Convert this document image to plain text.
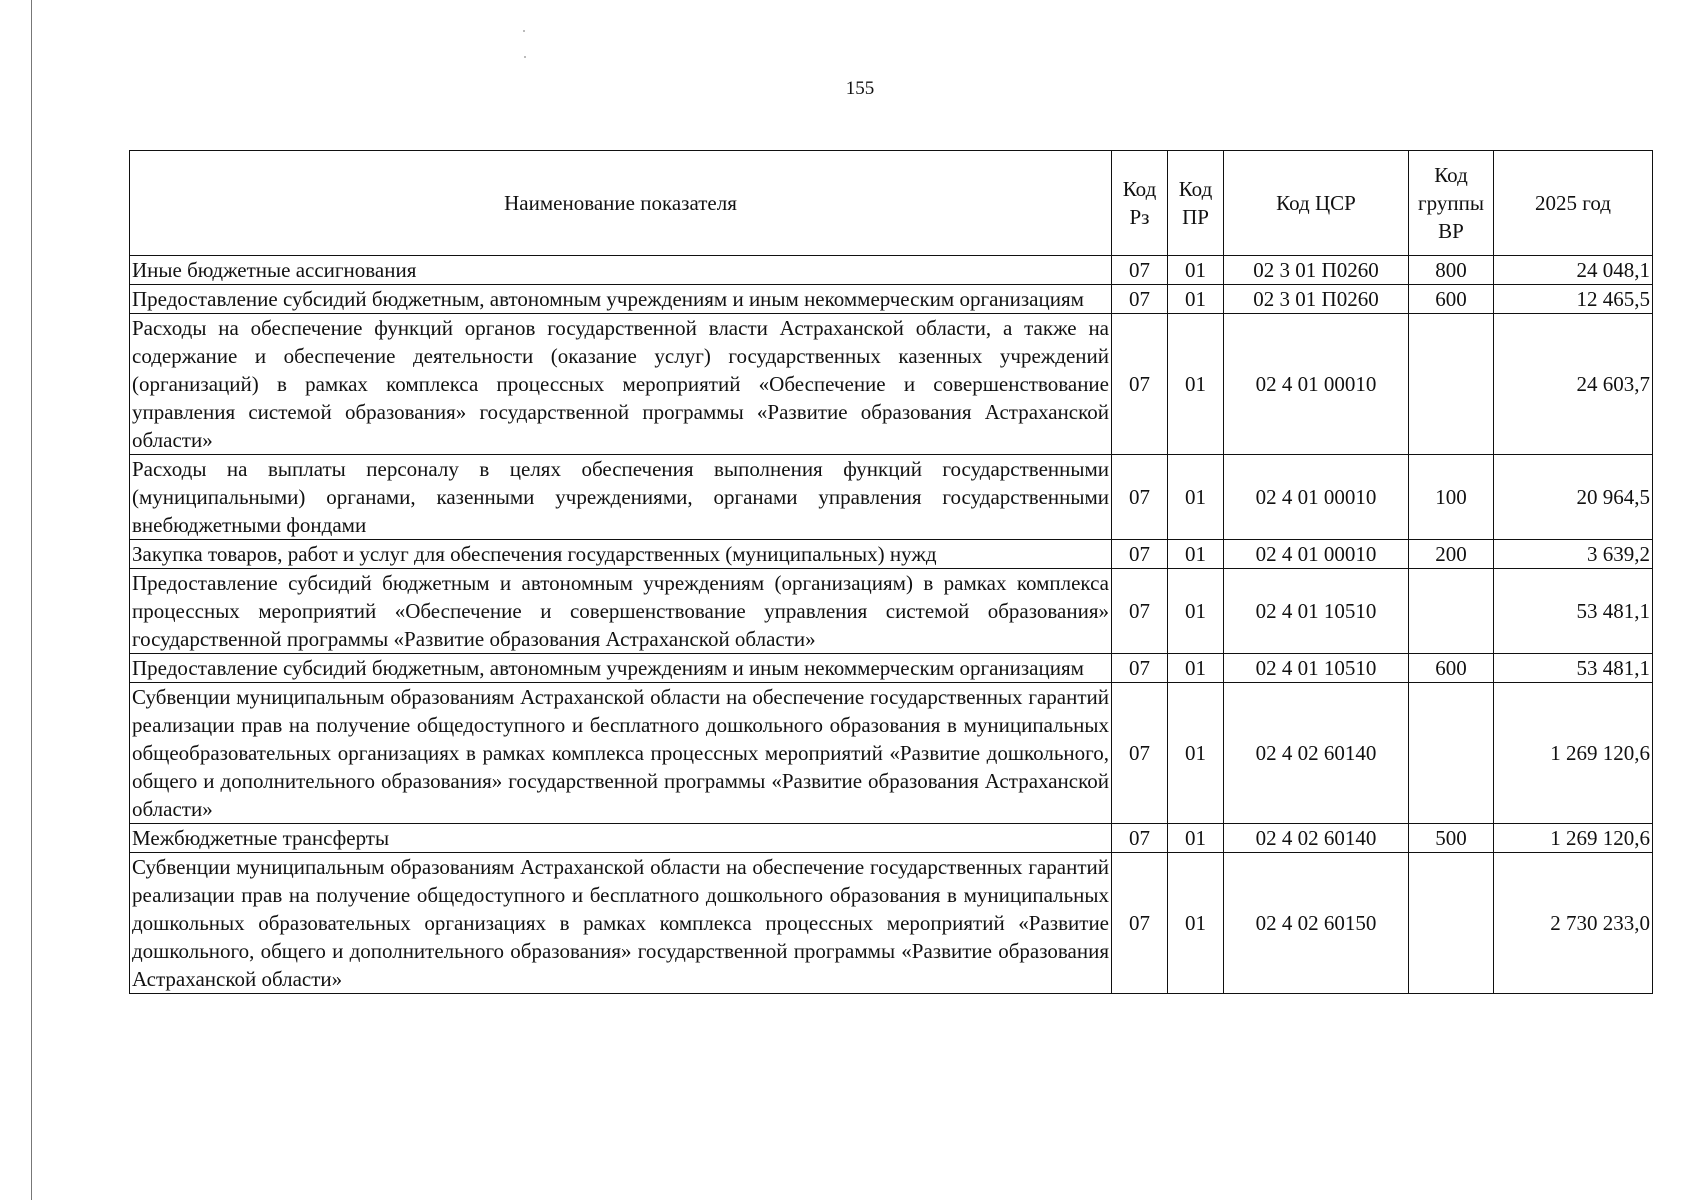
155
Наименование показателя	Код Рз	Код ПР	Код ЦСР	Код группы ВР	2025 год
Иные бюджетные ассигнования	07	01	02 3 01 П0260	800	24 048,1
Предоставление субсидий бюджетным, автономным учреждениям и иным некоммерческим организациям	07	01	02 3 01 П0260	600	12 465,5
Расходы на обеспечение функций органов государственной власти Астраханской области, а также на содержание и обеспечение деятельности (оказание услуг) государственных казенных учреждений (организаций) в рамках комплекса процессных мероприятий «Обеспечение и совершенствование управления системой образования» государственной программы «Развитие образования Астраханской области»	07	01	02 4 01 00010		24 603,7
Расходы на выплаты персоналу в целях обеспечения выполнения функций государственными (муниципальными) органами, казенными учреждениями, органами управления государственными внебюджетными фондами	07	01	02 4 01 00010	100	20 964,5
Закупка товаров, работ и услуг для обеспечения государственных (муниципальных) нужд	07	01	02 4 01 00010	200	3 639,2
Предоставление субсидий бюджетным и автономным учреждениям (организациям) в рамках комплекса процессных мероприятий «Обеспечение и совершенствование управления системой образования» государственной программы «Развитие образования Астраханской области»	07	01	02 4 01 10510		53 481,1
Предоставление субсидий бюджетным, автономным учреждениям и иным некоммерческим организациям	07	01	02 4 01 10510	600	53 481,1
Субвенции муниципальным образованиям Астраханской области на обеспечение государственных гарантий реализации прав на получение общедоступного и бесплатного дошкольного образования в муниципальных общеобразовательных организациях в рамках комплекса процессных мероприятий «Развитие дошкольного, общего и дополнительного образования» государственной программы «Развитие образования Астраханской области»	07	01	02 4 02 60140		1 269 120,6
Межбюджетные трансферты	07	01	02 4 02 60140	500	1 269 120,6
Субвенции муниципальным образованиям Астраханской области на обеспечение государственных гарантий реализации прав на получение общедоступного и бесплатного дошкольного образования в муниципальных дошкольных образовательных организациях в рамках комплекса процессных мероприятий «Развитие дошкольного, общего и дополнительного образования» государственной программы «Развитие образования Астраханской области»	07	01	02 4 02 60150		2 730 233,0
